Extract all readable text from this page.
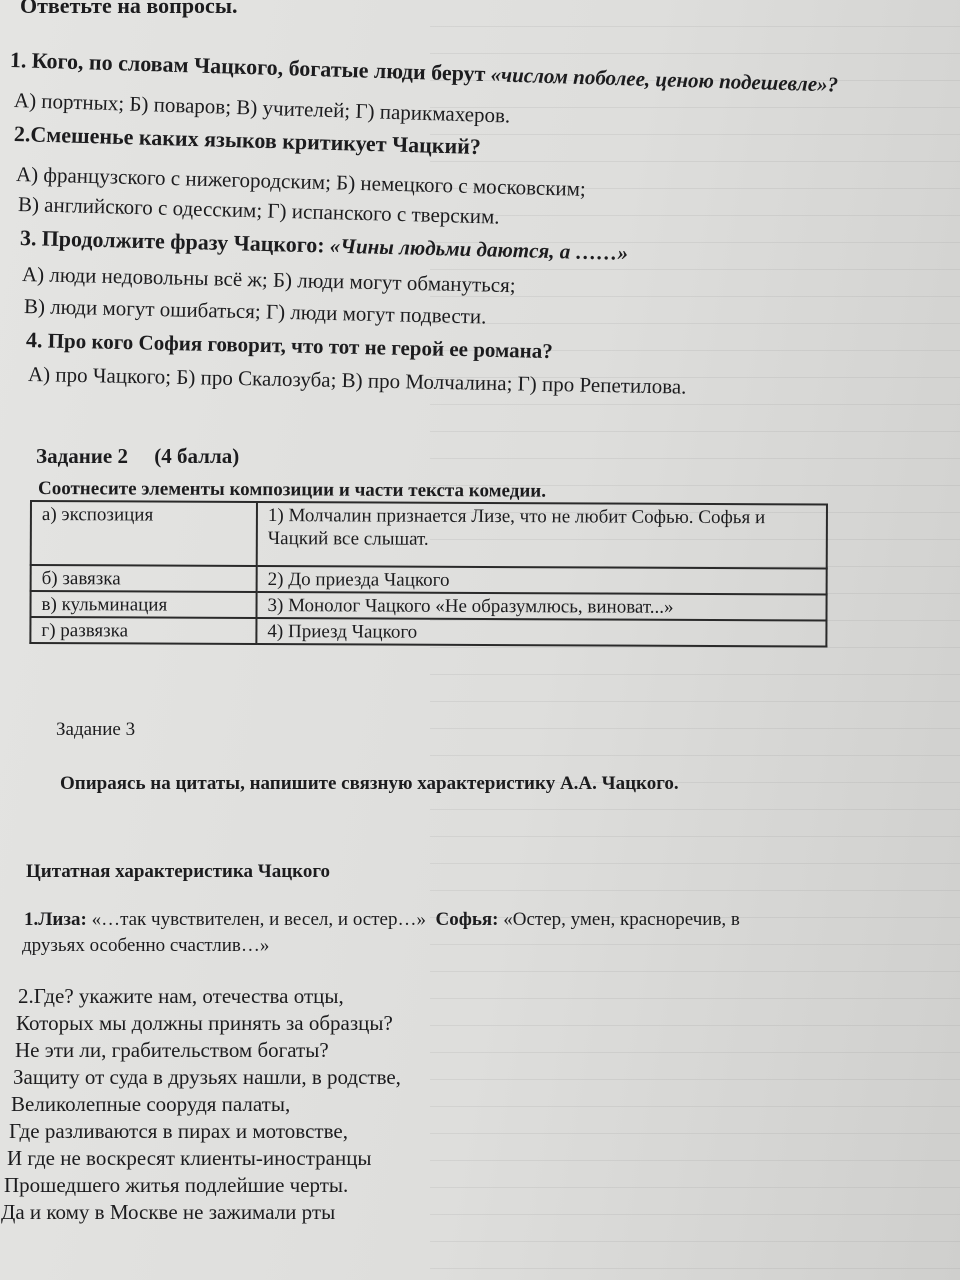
Ответьте на вопросы.
1. Кого, по словам Чацкого, богатые люди берут «числом поболее, ценою подешевле»?
А) портных; Б) поваров; В) учителей; Г) парикмахеров.
2.Смешенье каких языков критикует Чацкий?
А) французского с нижегородским; Б) немецкого с московским;
В) английского с одесским; Г) испанского с тверским.
3. Продолжите фразу Чацкого: «Чины людьми даются, а ……»
А) люди недовольны всё ж; Б) люди могут обмануться;
В) люди могут ошибаться; Г) люди могут подвести.
4. Про кого София говорит, что тот не герой ее романа?
А) про Чацкого; Б) про Скалозуба; В) про Молчалина; Г) про Репетилова.
Задание 2 (4 балла)
Соотнесите элементы композиции и части текста комедии.
а) экспозиция	1) Молчалин признается Лизе, что не любит Софью. Софья и Чацкий все слышат.
б) завязка	2) До приезда Чацкого
в) кульминация	3) Монолог Чацкого «Не образумлюсь, виноват...»
г) развязка	4) Приезд Чацкого
Задание 3
Опираясь на цитаты, напишите связную характеристику А.А. Чацкого.
Цитатная характеристика Чацкого
1.Лиза: «…так чувствителен, и весел, и остер…» Софья: «Остер, умен, красноречив, в
друзьях особенно счастлив…»
2.Где? укажите нам, отечества отцы,
Которых мы должны принять за образцы?
Не эти ли, грабительством богаты?
Защиту от суда в друзьях нашли, в родстве,
Великолепные соорудя палаты,
Где разливаются в пирах и мотовстве,
И где не воскресят клиенты-иностранцы
Прошедшего житья подлейшие черты.
Да и кому в Москве не зажимали рты
